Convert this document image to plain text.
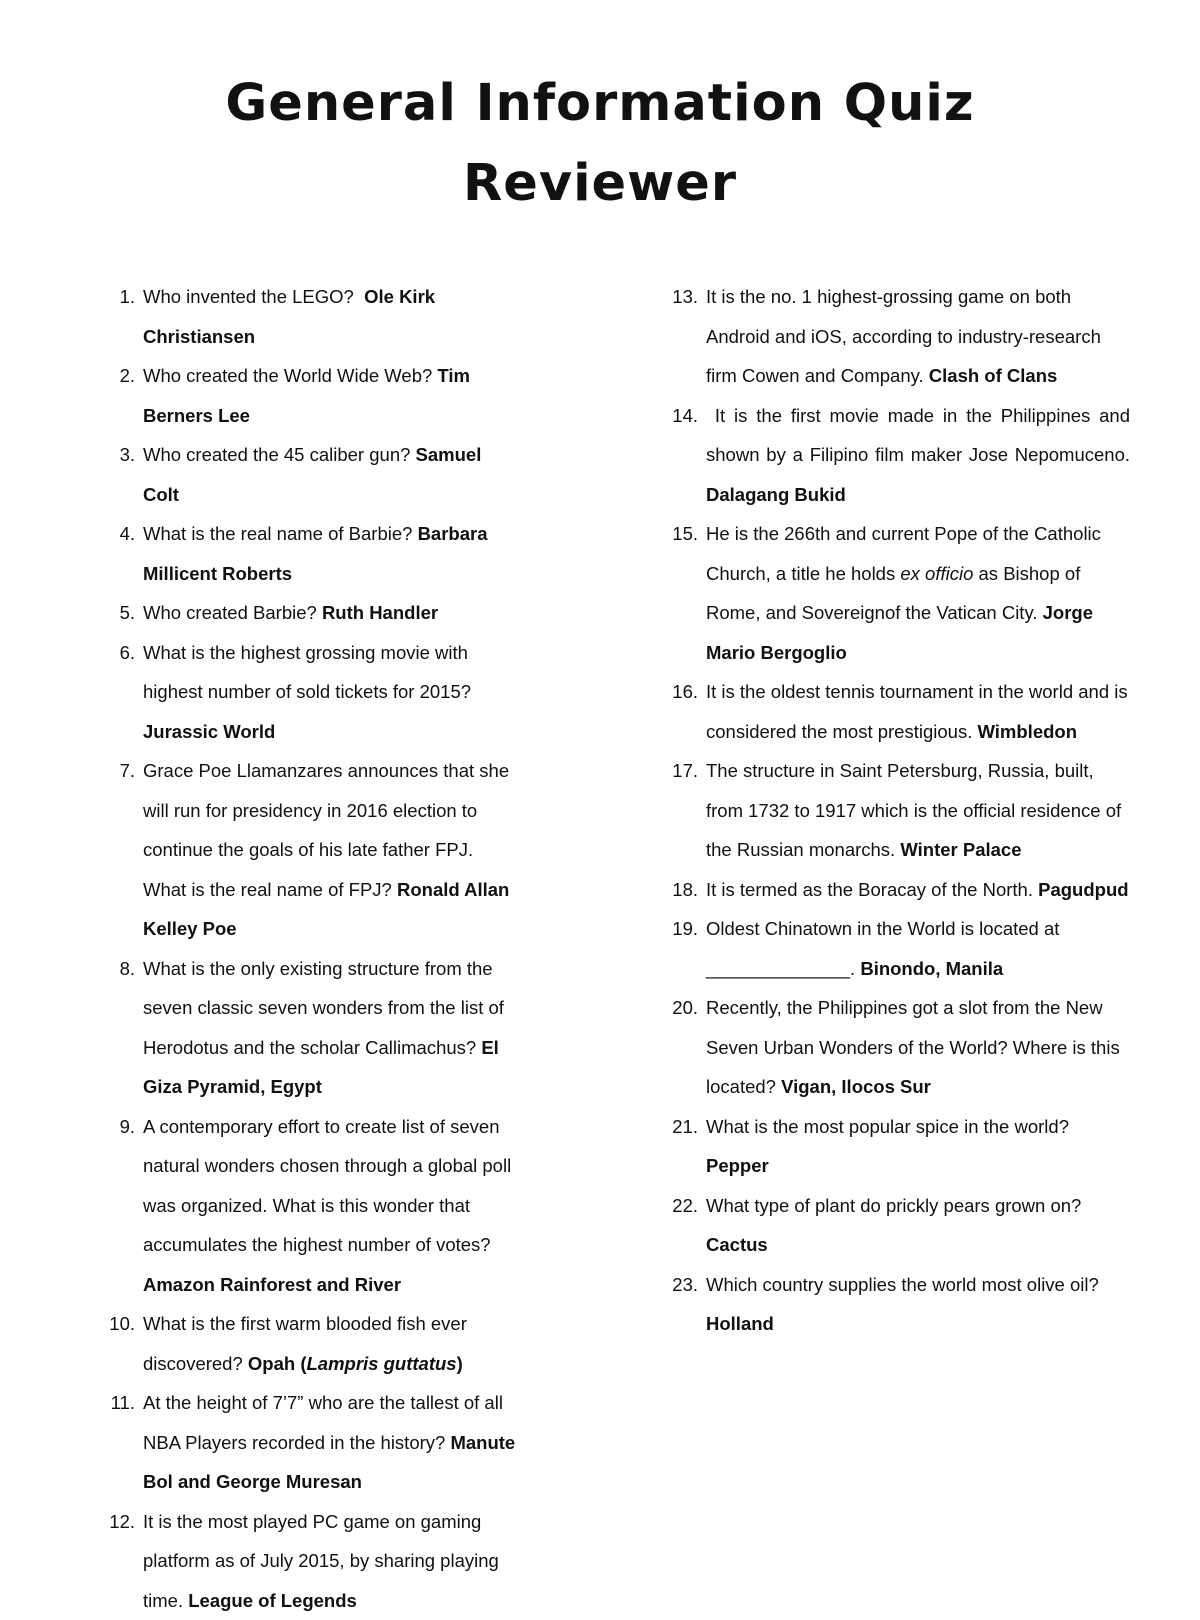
General Information Quiz
Reviewer
1. Who invented the LEGO? Ole Kirk Christiansen
2. Who created the World Wide Web? Tim Berners Lee
3. Who created the 45 caliber gun? Samuel Colt
4. What is the real name of Barbie? Barbara Millicent Roberts
5. Who created Barbie? Ruth Handler
6. What is the highest grossing movie with highest number of sold tickets for 2015? Jurassic World
7. Grace Poe Llamanzares announces that she will run for presidency in 2016 election to continue the goals of his late father FPJ. What is the real name of FPJ? Ronald Allan Kelley Poe
8. What is the only existing structure from the seven classic seven wonders from the list of Herodotus and the scholar Callimachus? El Giza Pyramid, Egypt
9. A contemporary effort to create list of seven natural wonders chosen through a global poll was organized. What is this wonder that accumulates the highest number of votes? Amazon Rainforest and River
10. What is the first warm blooded fish ever discovered? Opah (Lampris guttatus)
11. At the height of 7’7” who are the tallest of all NBA Players recorded in the history? Manute Bol and George Muresan
12. It is the most played PC game on gaming platform as of July 2015, by sharing playing time. League of Legends
13. It is the no. 1 highest-grossing game on both Android and iOS, according to industry-research firm Cowen and Company. Clash of Clans
14. It is the first movie made in the Philippines and shown by a Filipino film maker Jose Nepomuceno. Dalagang Bukid
15. He is the 266th and current Pope of the Catholic Church, a title he holds ex officio as Bishop of Rome, and Sovereignof the Vatican City. Jorge Mario Bergoglio
16. It is the oldest tennis tournament in the world and is considered the most prestigious. Wimbledon
17. The structure in Saint Petersburg, Russia, built, from 1732 to 1917 which is the official residence of the Russian monarchs. Winter Palace
18. It is termed as the Boracay of the North. Pagudpud
19. Oldest Chinatown in the World is located at ______________. Binondo, Manila
20. Recently, the Philippines got a slot from the New Seven Urban Wonders of the World? Where is this located? Vigan, Ilocos Sur
21. What is the most popular spice in the world? Pepper
22. What type of plant do prickly pears grown on? Cactus
23. Which country supplies the world most olive oil? Holland
